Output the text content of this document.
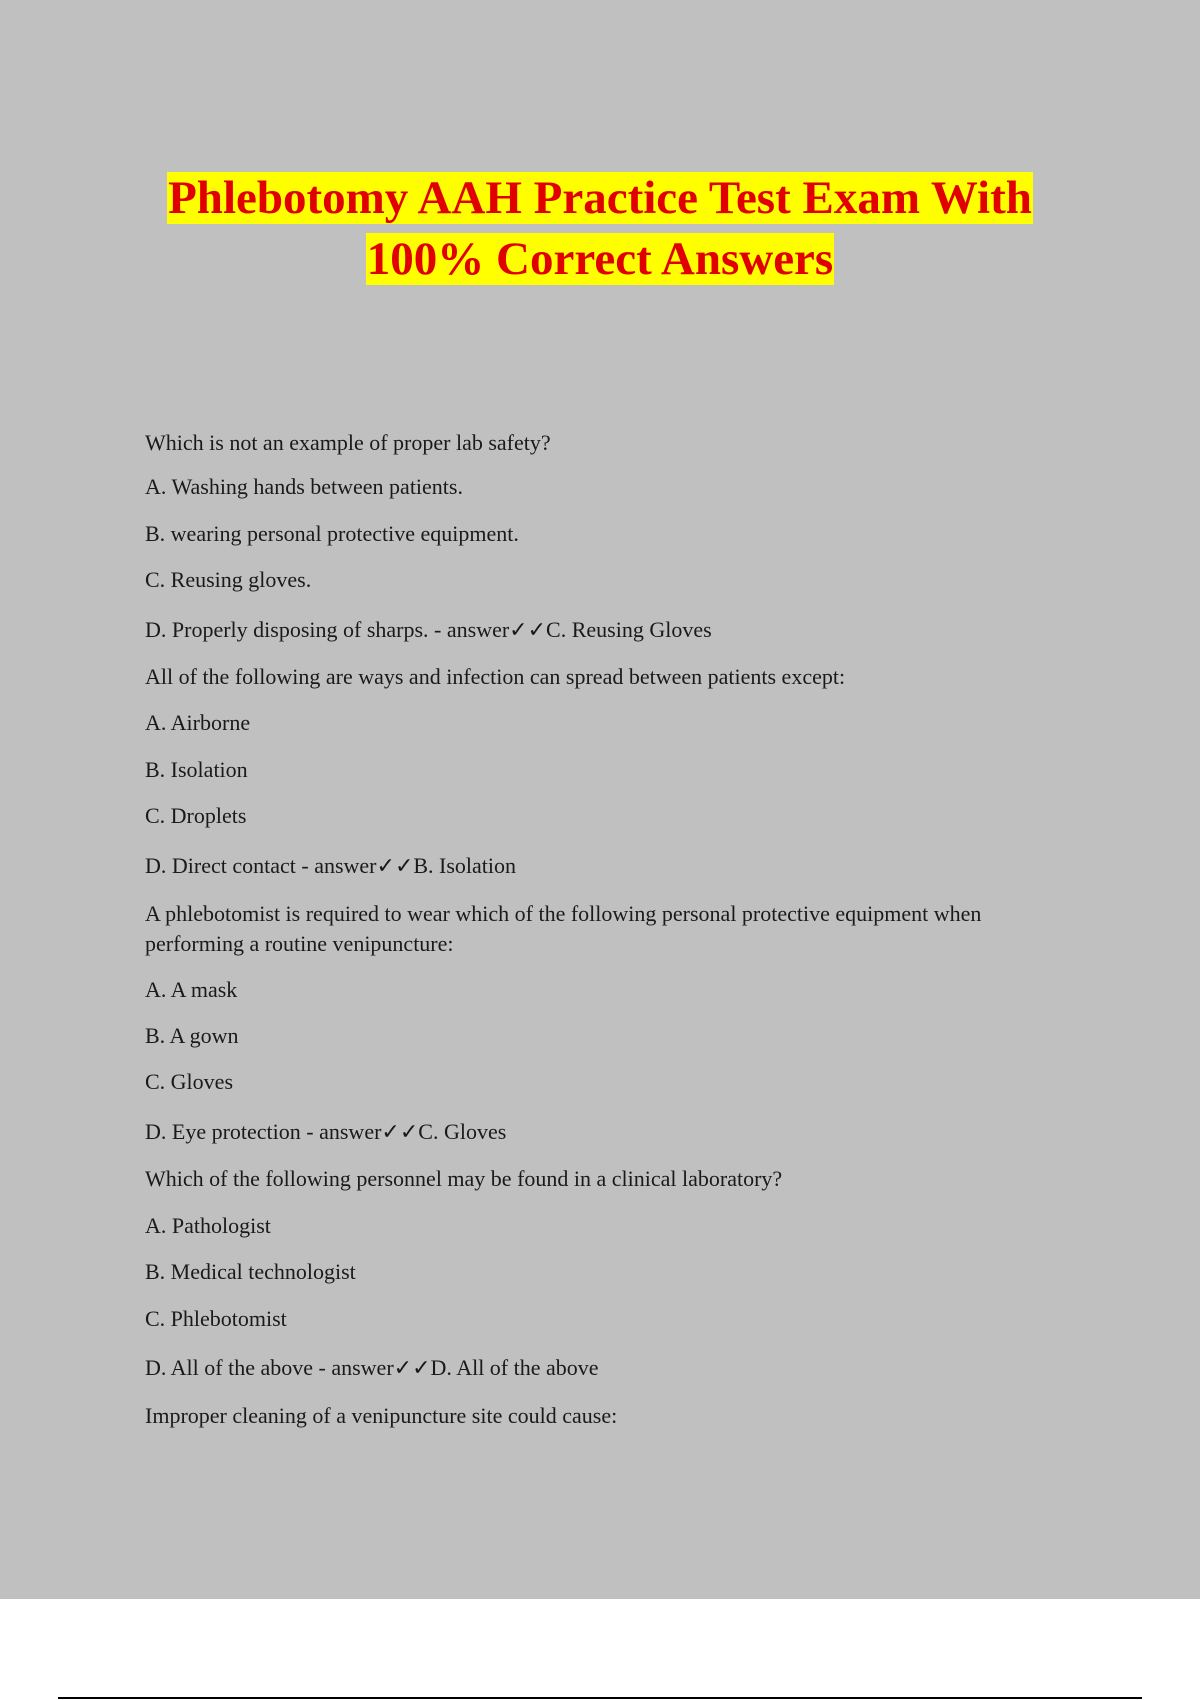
Phlebotomy AAH Practice Test Exam With
100% Correct Answers
Which is not an example of proper lab safety?
A. Washing hands between patients.
B. wearing personal protective equipment.
C. Reusing gloves.
D. Properly disposing of sharps. - answer✓✓C. Reusing Gloves
All of the following are ways and infection can spread between patients except:
A. Airborne
B. Isolation
C. Droplets
D. Direct contact - answer✓✓B. Isolation
A phlebotomist is required to wear which of the following personal protective equipment when performing a routine venipuncture:
A. A mask
B. A gown
C. Gloves
D. Eye protection - answer✓✓C. Gloves
Which of the following personnel may be found in a clinical laboratory?
A. Pathologist
B. Medical technologist
C. Phlebotomist
D. All of the above - answer✓✓D. All of the above
Improper cleaning of a venipuncture site could cause:
